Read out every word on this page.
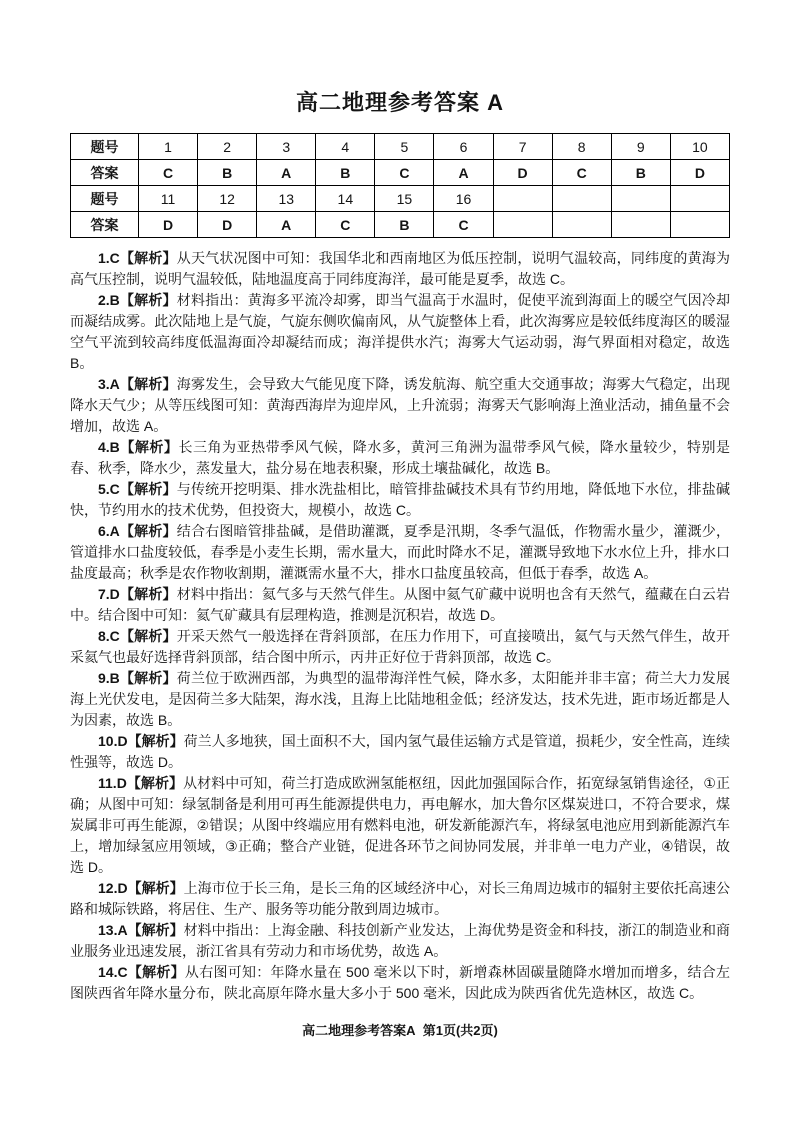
高二地理参考答案 A
题号	1	2	3	4	5	6	7	8	9	10
答案	C	B	A	B	C	A	D	C	B	D
题号	11	12	13	14	15	16				
答案	D	D	A	C	B	C				

1.C【解析】从天气状况图中可知：我国华北和西南地区为低压控制，说明气温较高，同纬度的黄海为高气压控制，说明气温较低，陆地温度高于同纬度海洋，最可能是夏季，故选 C。

2.B【解析】材料指出：黄海多平流冷却雾，即当气温高于水温时，促使平流到海面上的暖空气因冷却而凝结成雾。此次陆地上是气旋，气旋东侧吹偏南风，从气旋整体上看，此次海雾应是较低纬度海区的暖湿空气平流到较高纬度低温海面冷却凝结而成；海洋提供水汽；海雾大气运动弱，海气界面相对稳定，故选 B。

3.A【解析】海雾发生，会导致大气能见度下降，诱发航海、航空重大交通事故；海雾大气稳定，出现降水天气少；从等压线图可知：黄海西海岸为迎岸风，上升流弱；海雾天气影响海上渔业活动，捕鱼量不会增加，故选 A。

4.B【解析】长三角为亚热带季风气候，降水多，黄河三角洲为温带季风气候，降水量较少，特别是春、秋季，降水少，蒸发量大，盐分易在地表积聚，形成土壤盐碱化，故选 B。

5.C【解析】与传统开挖明渠、排水洗盐相比，暗管排盐碱技术具有节约用地，降低地下水位，排盐碱快，节约用水的技术优势，但投资大，规模小，故选 C。

6.A【解析】结合右图暗管排盐碱，是借助灌溉，夏季是汛期，冬季气温低，作物需水量少，灌溉少，管道排水口盐度较低，春季是小麦生长期，需水量大，而此时降水不足，灌溉导致地下水水位上升，排水口盐度最高；秋季是农作物收割期，灌溉需水量不大，排水口盐度虽较高，但低于春季，故选 A。

7.D【解析】材料中指出：氦气多与天然气伴生。从图中氦气矿藏中说明也含有天然气，蕴藏在白云岩中。结合图中可知：氦气矿藏具有层理构造，推测是沉积岩，故选 D。

8.C【解析】开采天然气一般选择在背斜顶部，在压力作用下，可直接喷出，氦气与天然气伴生，故开采氦气也最好选择背斜顶部，结合图中所示，丙井正好位于背斜顶部，故选 C。

9.B【解析】荷兰位于欧洲西部，为典型的温带海洋性气候，降水多，太阳能并非丰富；荷兰大力发展海上光伏发电，是因荷兰多大陆架，海水浅，且海上比陆地租金低；经济发达，技术先进，距市场近都是人为因素，故选 B。

10.D【解析】荷兰人多地狭，国土面积不大，国内氢气最佳运输方式是管道，损耗少，安全性高，连续性强等，故选 D。

11.D【解析】从材料中可知，荷兰打造成欧洲氢能枢纽，因此加强国际合作，拓宽绿氢销售途径，①正确；从图中可知：绿氢制备是利用可再生能源提供电力，再电解水，加大鲁尔区煤炭进口，不符合要求，煤炭属非可再生能源，②错误；从图中终端应用有燃料电池，研发新能源汽车，将绿氢电池应用到新能源汽车上，增加绿氢应用领域，③正确；整合产业链，促进各环节之间协同发展，并非单一电力产业，④错误，故选 D。

12.D【解析】上海市位于长三角，是长三角的区域经济中心，对长三角周边城市的辐射主要依托高速公路和城际铁路，将居住、生产、服务等功能分散到周边城市。

13.A【解析】材料中指出：上海金融、科技创新产业发达，上海优势是资金和科技，浙江的制造业和商业服务业迅速发展，浙江省具有劳动力和市场优势，故选 A。

14.C【解析】从右图可知：年降水量在 500 毫米以下时，新增森林固碳量随降水增加而增多，结合左图陕西省年降水量分布，陕北高原年降水量大多小于 500 毫米，因此成为陕西省优先造林区，故选 C。

高二地理参考答案A 第1页(共2页)
